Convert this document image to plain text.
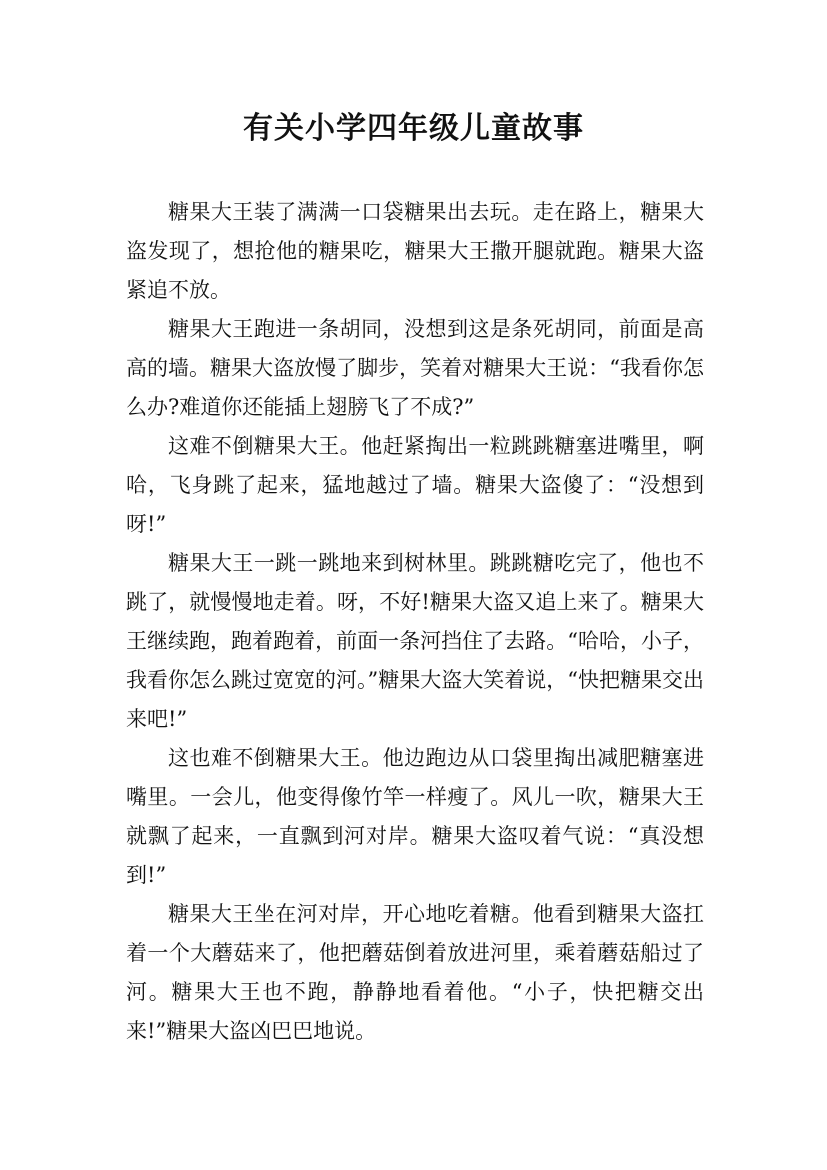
有关小学四年级儿童故事

糖果大王装了满满一口袋糖果出去玩。走在路上，糖果大盗发现了，想抢他的糖果吃，糖果大王撒开腿就跑。糖果大盗紧追不放。

糖果大王跑进一条胡同，没想到这是条死胡同，前面是高高的墙。糖果大盗放慢了脚步，笑着对糖果大王说：“我看你怎么办?难道你还能插上翅膀飞了不成?”

这难不倒糖果大王。他赶紧掏出一粒跳跳糖塞进嘴里，啊哈，飞身跳了起来，猛地越过了墙。糖果大盗傻了：“没想到呀!”

糖果大王一跳一跳地来到树林里。跳跳糖吃完了，他也不跳了，就慢慢地走着。呀，不好!糖果大盗又追上来了。糖果大王继续跑，跑着跑着，前面一条河挡住了去路。“哈哈，小子，我看你怎么跳过宽宽的河。”糖果大盗大笑着说，“快把糖果交出来吧!”

这也难不倒糖果大王。他边跑边从口袋里掏出减肥糖塞进嘴里。一会儿，他变得像竹竿一样瘦了。风儿一吹，糖果大王就飘了起来，一直飘到河对岸。糖果大盗叹着气说：“真没想到!”

糖果大王坐在河对岸，开心地吃着糖。他看到糖果大盗扛着一个大蘑菇来了，他把蘑菇倒着放进河里，乘着蘑菇船过了河。糖果大王也不跑，静静地看着他。“小子，快把糖交出来!”糖果大盗凶巴巴地说。
